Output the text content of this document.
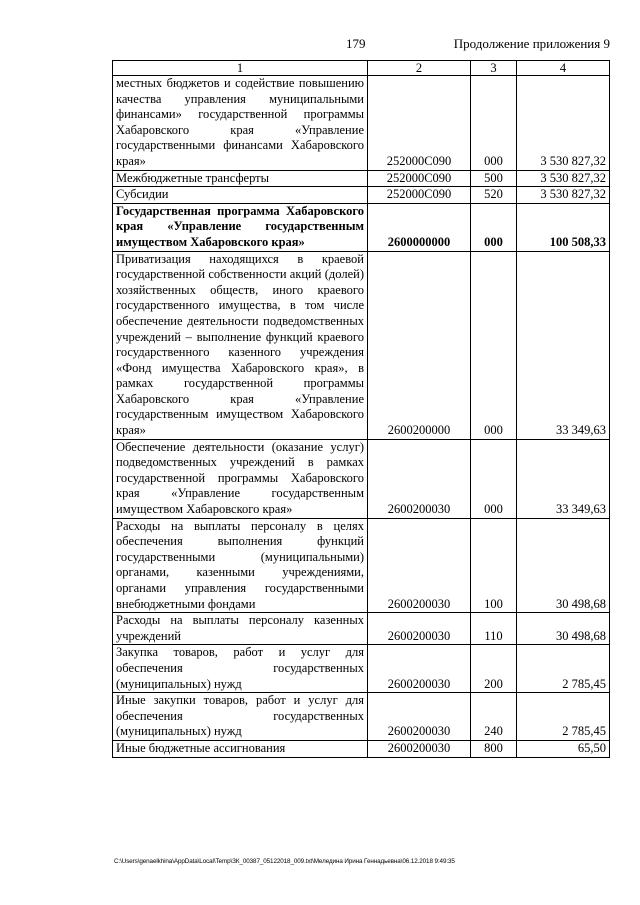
179	Продолжение приложения 9
1	2	3	4
местных бюджетов и содействие повышению качества управления муниципальными финансами» государственной программы Хабаровского края «Управление государственными финансами Хабаровского края»	252000С090	000	3 530 827,32
Межбюджетные трансферты	252000С090	500	3 530 827,32
Субсидии	252000С090	520	3 530 827,32
Государственная программа Хабаровского края «Управление государственным имуществом Хабаровского края»	2600000000	000	100 508,33
Приватизация находящихся в краевой государственной собственности акций (долей) хозяйственных обществ, иного краевого государственного имущества, в том числе обеспечение деятельности подведомственных учреждений – выполнение функций краевого государственного казенного учреждения «Фонд имущества Хабаровского края», в рамках государственной программы Хабаровского края «Управление государственным имуществом Хабаровского края»	2600200000	000	33 349,63
Обеспечение деятельности (оказание услуг) подведомственных учреждений в рамках государственной программы Хабаровского края «Управление государственным имуществом Хабаровского края»	2600200030	000	33 349,63
Расходы на выплаты персоналу в целях обеспечения выполнения функций государственными (муниципальными) органами, казенными учреждениями, органами управления государственными внебюджетными фондами	2600200030	100	30 498,68
Расходы на выплаты персоналу казенных учреждений	2600200030	110	30 498,68
Закупка товаров, работ и услуг для обеспечения государственных (муниципальных) нужд	2600200030	200	2 785,45
Иные закупки товаров, работ и услуг для обеспечения государственных (муниципальных) нужд	2600200030	240	2 785,45
Иные бюджетные ассигнования	2600200030	800	65,50
C:\Users\genaelkhina\AppData\Local\Temp\ЗК_00387_05122018_009.txt\Меледина Ирина Геннадьевна\06.12.2018 9:49:35
